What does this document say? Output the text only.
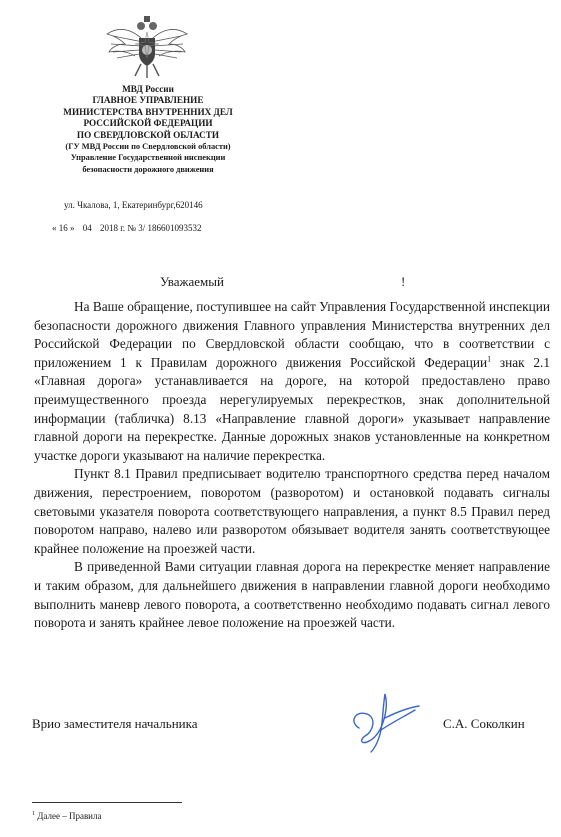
МВД России
ГЛАВНОЕ УПРАВЛЕНИЕ
МИНИСТЕРСТВА ВНУТРЕННИХ ДЕЛ
РОССИЙСКОЙ ФЕДЕРАЦИИ
ПО СВЕРДЛОВСКОЙ ОБЛАСТИ
(ГУ МВД России по Свердловской области)
Управление Государственной инспекции
безопасности дорожного движения
ул. Чкалова, 1, Екатеринбург,620146
« 16 » 04 2018 г. № 3/ 186601093532
Уважаемый	!

На Ваше обращение, поступившее на сайт Управления Государственной инспекции безопасности дорожного движения Главного управления Министерства внутренних дел Российской Федерации по Свердловской области сообщаю, что в соответствии с приложением 1 к Правилам дорожного движения Российской Федерации$^1$ знак 2.1 «Главная дорога» устанавливается на дороге, на которой предоставлено право преимущественного проезда нерегулируемых перекрестков, знак дополнительной информации (табличка) 8.13 «Направление главной дороги» указывает направление главной дороги на перекрестке. Данные дорожных знаков установленные на конкретном участке дороги указывают на наличие перекрестка.

Пункт 8.1 Правил предписывает водителю транспортного средства перед началом движения, перестроением, поворотом (разворотом) и остановкой подавать сигналы световыми указателя поворота соответствующего направления, а пункт 8.5 Правил перед поворотом направо, налево или разворотом обязывает водителя занять соответствующее крайнее положение на проезжей части.

В приведенной Вами ситуации главная дорога на перекрестке меняет направление и таким образом, для дальнейшего движения в направлении главной дороги необходимо выполнить маневр левого поворота, а соответственно необходимо подавать сигнал левого поворота и занять крайнее левое положение на проезжей части.

Врио заместителя начальника	С.А. Соколкин
$^1$ Далее – Правила
